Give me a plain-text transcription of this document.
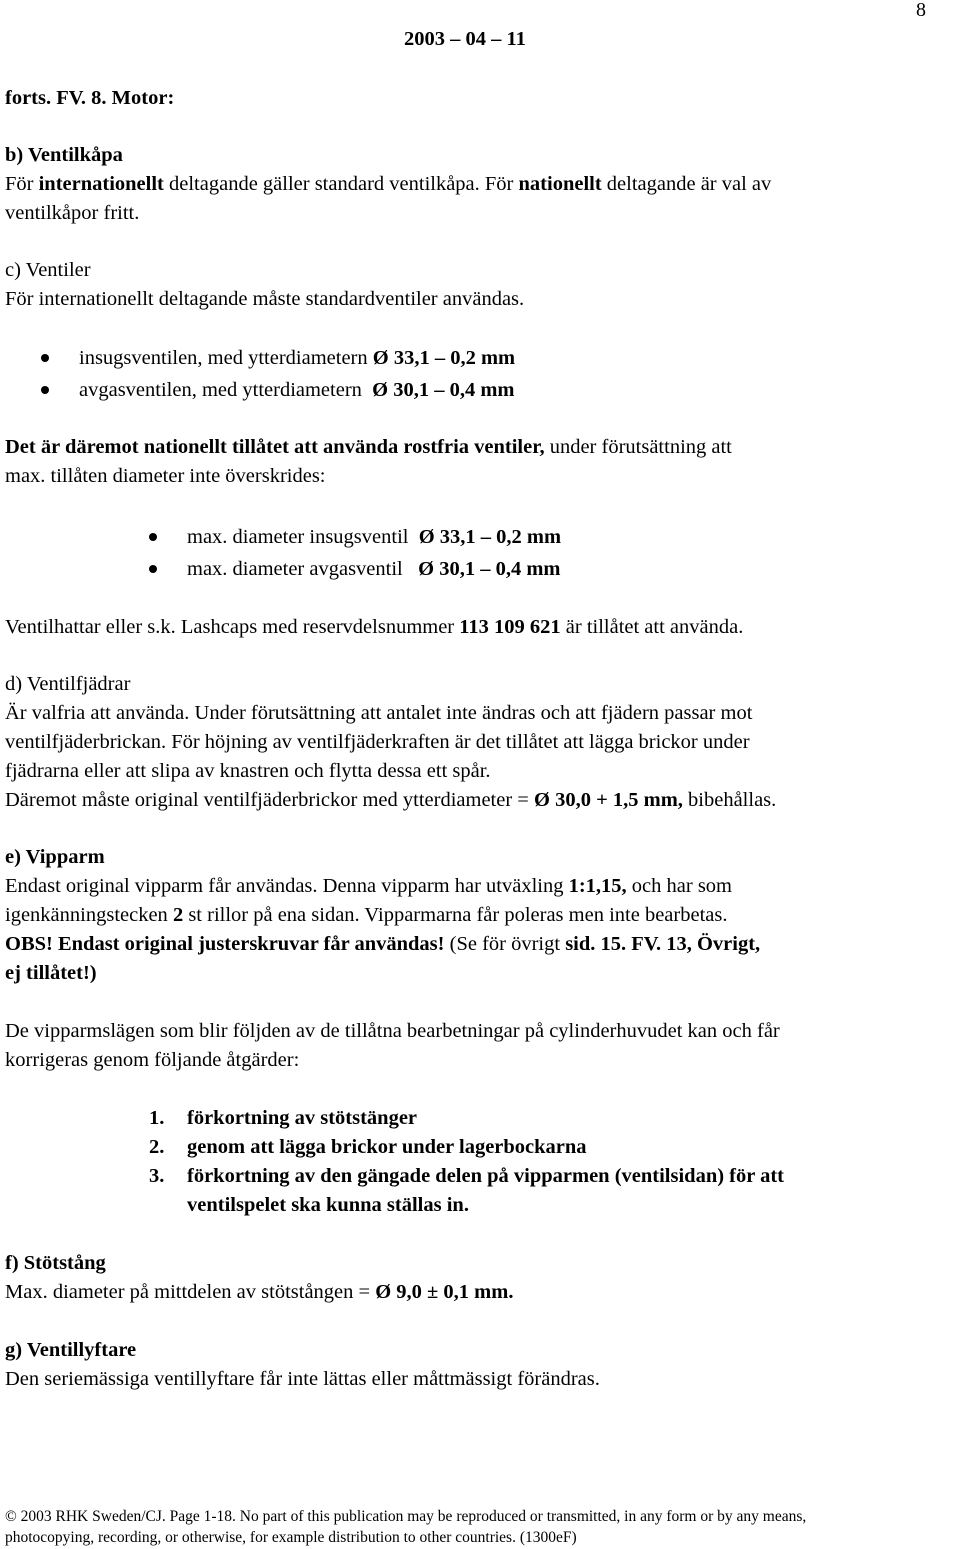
8
2003 – 04 – 11
forts. FV. 8. Motor:
b) Ventilkåpa
För internationellt deltagande gäller standard ventilkåpa. För nationellt deltagande är val av
ventilkåpor fritt.
c) Ventiler
För internationellt deltagande måste standardventiler användas.
insugsventilen, med ytterdiametern Ø 33,1 – 0,2 mm
avgasventilen, med ytterdiametern  Ø 30,1 – 0,4 mm
Det är däremot nationellt tillåtet att använda rostfria ventiler, under förutsättning att
max. tillåten diameter inte överskrides:
max. diameter insugsventil  Ø 33,1 – 0,2 mm
max. diameter avgasventil   Ø 30,1 – 0,4 mm
Ventilhattar eller s.k. Lashcaps med reservdelsnummer 113 109 621 är tillåtet att använda.
d) Ventilfjädrar
Är valfria att använda. Under förutsättning att antalet inte ändras och att fjädern passar mot
ventilfjäderbrickan. För höjning av ventilfjäderkraften är det tillåtet att lägga brickor under
fjädrarna eller att slipa av knastren och flytta dessa ett spår.
Däremot måste original ventilfjäderbrickor med ytterdiameter = Ø 30,0 + 1,5 mm, bibehållas.
e) Vipparm
Endast original vipparm får användas. Denna vipparm har utväxling 1:1,15, och har som
igenkänningstecken 2 st rillor på ena sidan. Vipparmarna får poleras men inte bearbetas.
OBS! Endast original justerskruvar får användas! (Se för övrigt sid. 15. FV. 13, Övrigt,
ej tillåtet!)
De vipparmslägen som blir följden av de tillåtna bearbetningar på cylinderhuvudet kan och får
korrigeras genom följande åtgärder:
1. förkortning av stötstänger
2. genom att lägga brickor under lagerbockarna
3. förkortning av den gängade delen på vipparmen (ventilsidan) för att
ventilspelet ska kunna ställas in.
f) Stötstång
Max. diameter på mittdelen av stötstången = Ø 9,0 ± 0,1 mm.
g) Ventillyftare
Den seriemässiga ventillyftare får inte lättas eller måttmässigt förändras.
© 2003 RHK Sweden/CJ. Page 1-18. No part of this publication may be reproduced or transmitted, in any form or by any means,
photocopying, recording, or otherwise, for example distribution to other countries. (1300eF)
